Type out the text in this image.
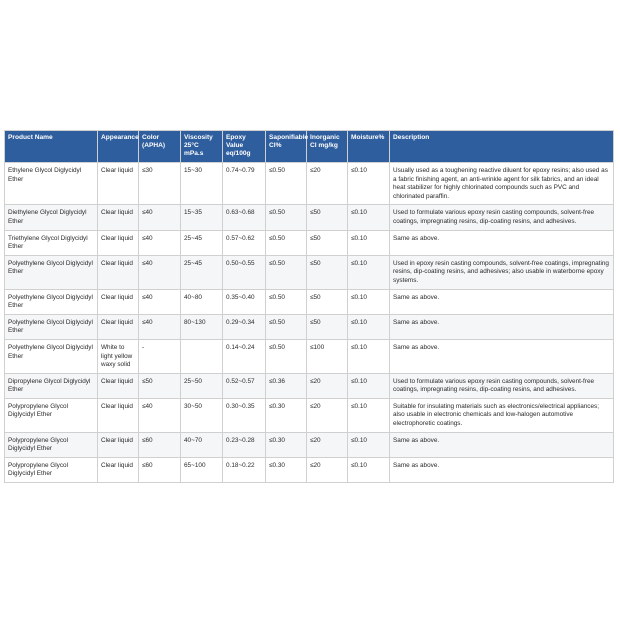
Product Name	Appearance	Color (APHA)	Viscosity 25°C mPa.s	Epoxy Value eq/100g	Saponifiable Cl%	Inorganic Cl mg/kg	Moisture%	Description
Ethylene Glycol Diglycidyl Ether	Clear liquid	≤30	15~30	0.74~0.79	≤0.50	≤20	≤0.10	Usually used as a toughening reactive diluent for epoxy resins; also used as a fabric finishing agent, an anti-wrinkle agent for silk fabrics, and an ideal heat stabilizer for highly chlorinated compounds such as PVC and chlorinated paraffin.
Diethylene Glycol Diglycidyl Ether	Clear liquid	≤40	15~35	0.63~0.68	≤0.50	≤50	≤0.10	Used to formulate various epoxy resin casting compounds, solvent-free coatings, impregnating resins, dip-coating resins, and adhesives.
Triethylene Glycol Diglycidyl Ether	Clear liquid	≤40	25~45	0.57~0.62	≤0.50	≤50	≤0.10	Same as above.
Polyethylene Glycol Diglycidyl Ether	Clear liquid	≤40	25~45	0.50~0.55	≤0.50	≤50	≤0.10	Used in epoxy resin casting compounds, solvent-free coatings, impregnating resins, dip-coating resins, and adhesives; also usable in waterborne epoxy systems.
Polyethylene Glycol Diglycidyl Ether	Clear liquid	≤40	40~80	0.35~0.40	≤0.50	≤50	≤0.10	Same as above.
Polyethylene Glycol Diglycidyl Ether	Clear liquid	≤40	80~130	0.29~0.34	≤0.50	≤50	≤0.10	Same as above.
Polyethylene Glycol Diglycidyl Ether	White to light yellow waxy solid	-		0.14~0.24	≤0.50	≤100	≤0.10	Same as above.
Dipropylene Glycol Diglycidyl Ether	Clear liquid	≤50	25~50	0.52~0.57	≤0.36	≤20	≤0.10	Used to formulate various epoxy resin casting compounds, solvent-free coatings, impregnating resins, dip-coating resins, and adhesives.
Polypropylene Glycol Diglycidyl Ether	Clear liquid	≤40	30~50	0.30~0.35	≤0.30	≤20	≤0.10	Suitable for insulating materials such as electronics/electrical appliances; also usable in electronic chemicals and low-halogen automotive electrophoretic coatings.
Polypropylene Glycol Diglycidyl Ether	Clear liquid	≤60	40~70	0.23~0.28	≤0.30	≤20	≤0.10	Same as above.
Polypropylene Glycol Diglycidyl Ether	Clear liquid	≤60	65~100	0.18~0.22	≤0.30	≤20	≤0.10	Same as above.
